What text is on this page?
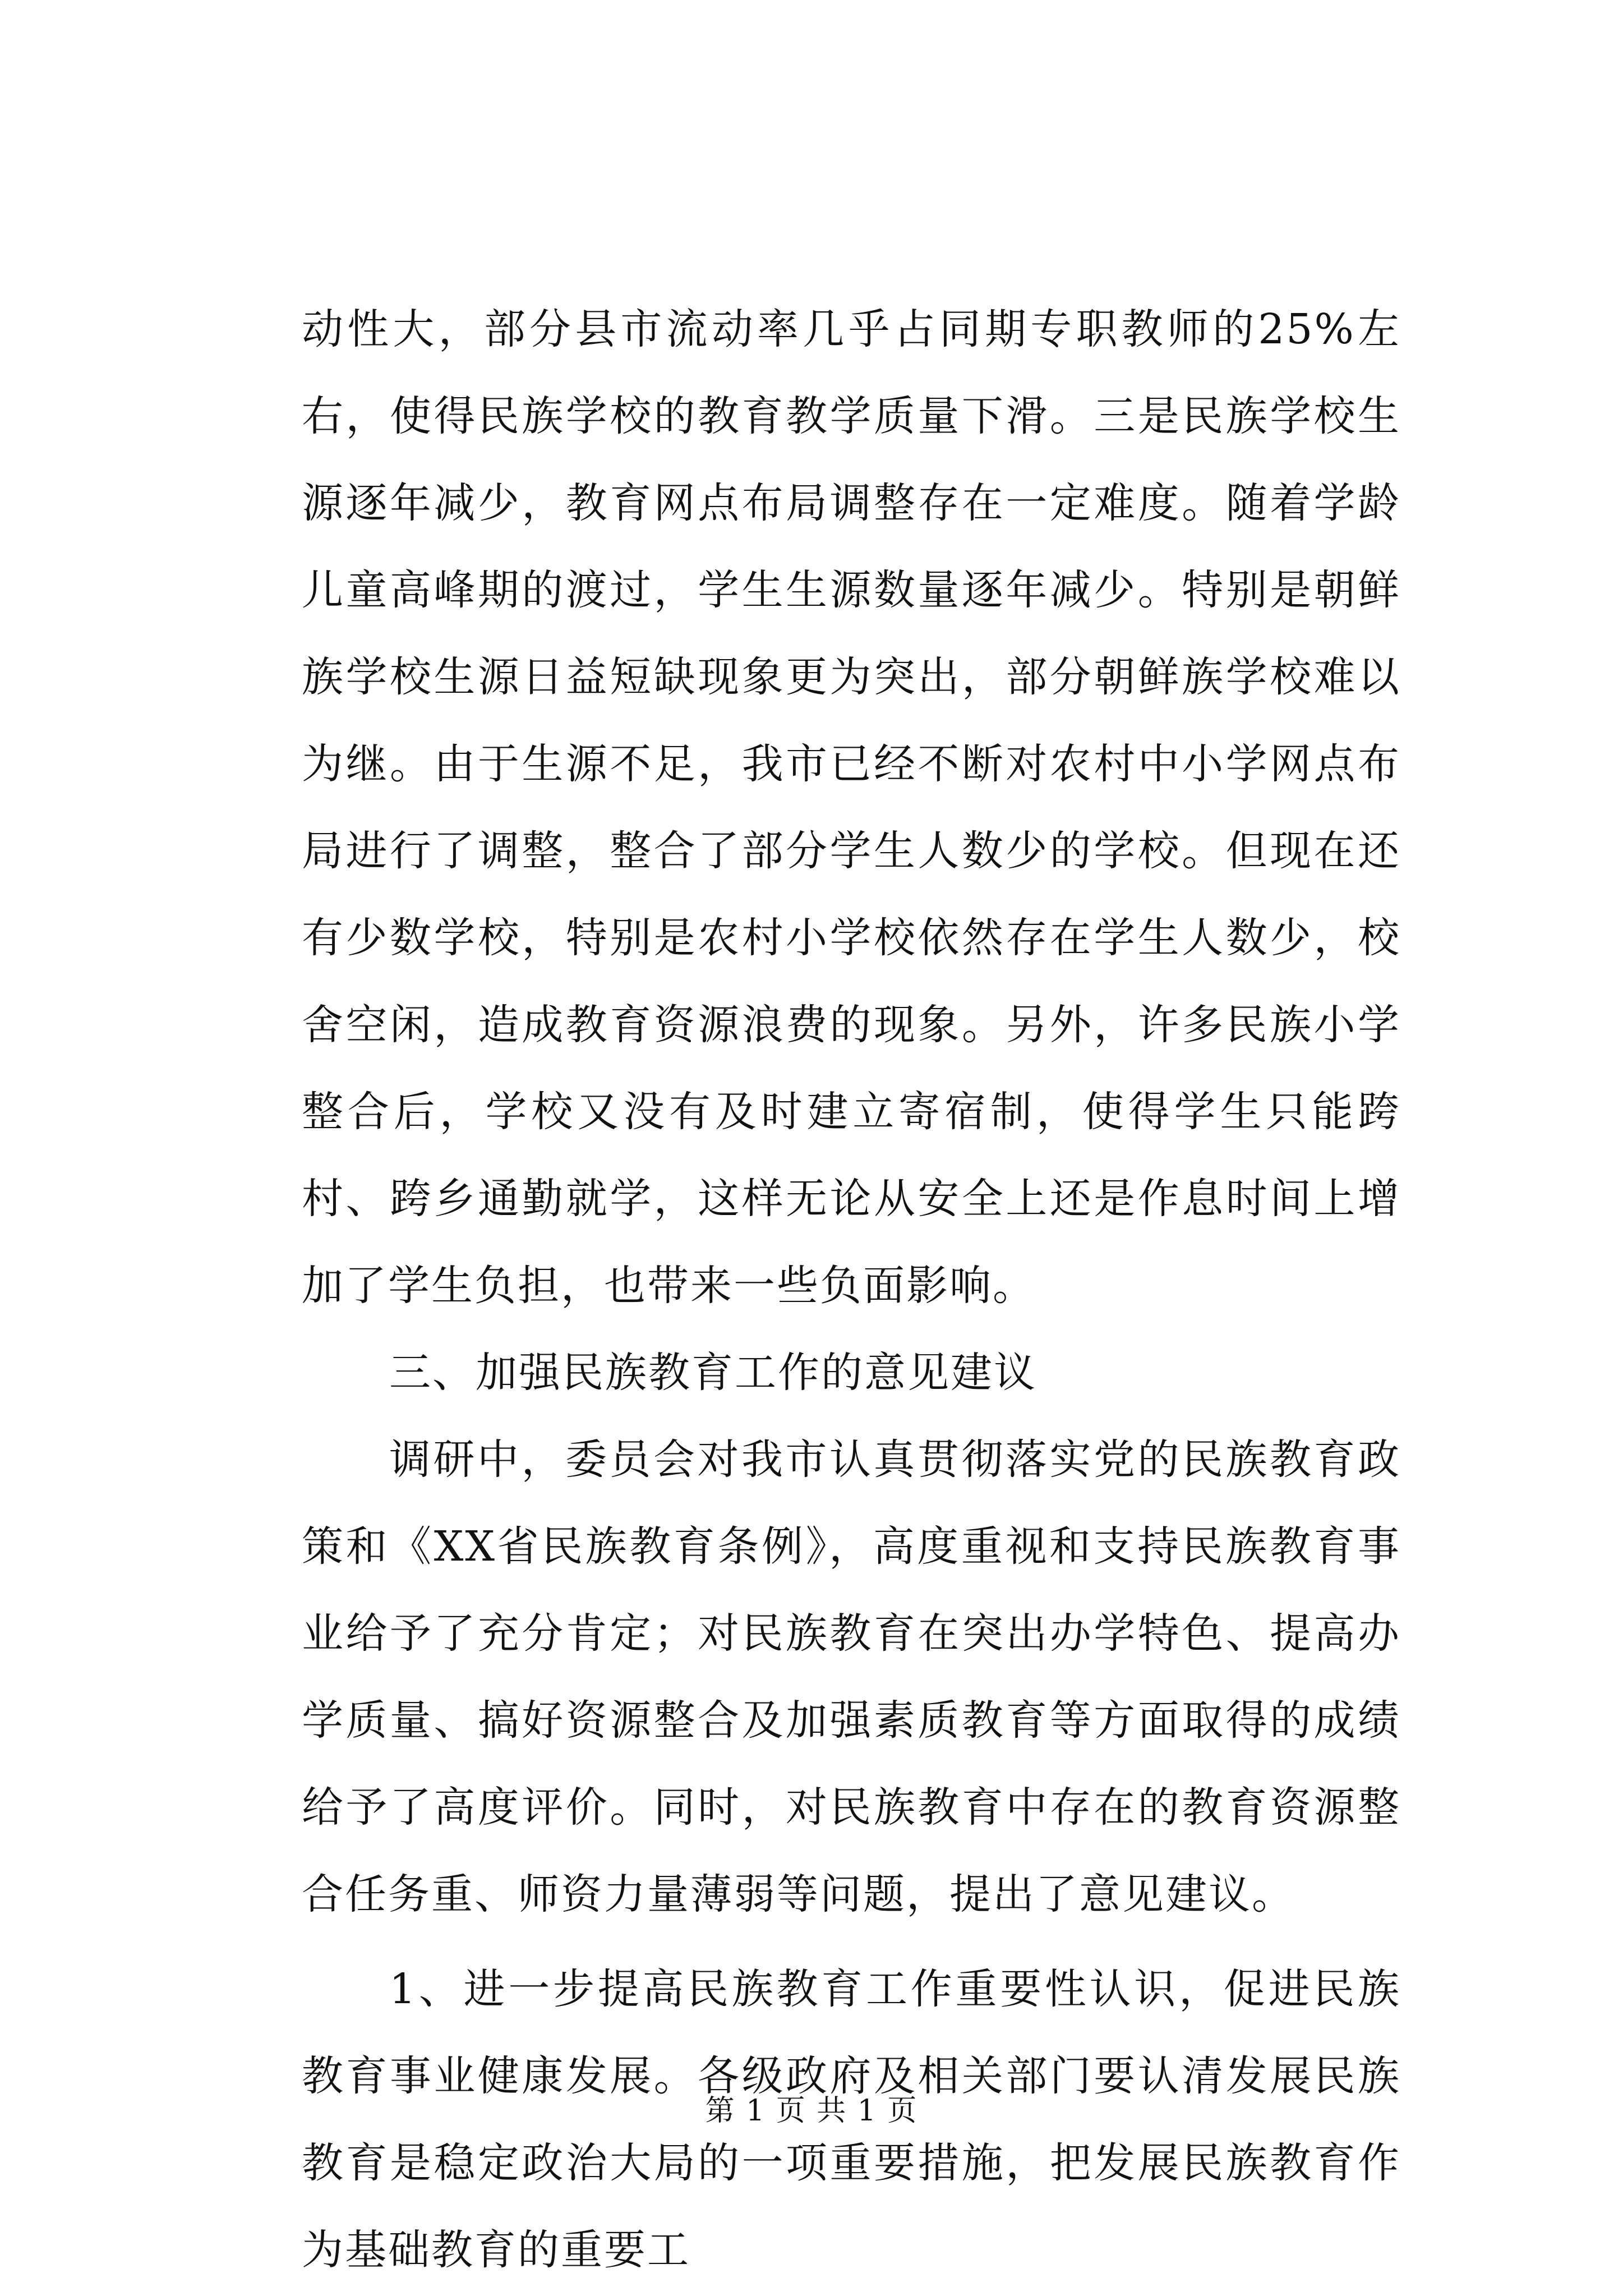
动性大，部分县市流动率几乎占同期专职教师的25%左右，使得民族学校的教育教学质量下滑。三是民族学校生源逐年减少，教育网点布局调整存在一定难度。随着学龄儿童高峰期的渡过，学生生源数量逐年减少。特别是朝鲜族学校生源日益短缺现象更为突出，部分朝鲜族学校难以为继。由于生源不足，我市已经不断对农村中小学网点布局进行了调整，整合了部分学生人数少的学校。但现在还有少数学校，特别是农村小学校依然存在学生人数少，校舍空闲，造成教育资源浪费的现象。另外，许多民族小学整合后，学校又没有及时建立寄宿制，使得学生只能跨村、跨乡通勤就学，这样无论从安全上还是作息时间上增加了学生负担，也带来一些负面影响。

三、加强民族教育工作的意见建议

调研中，委员会对我市认真贯彻落实党的民族教育政策和《XX省民族教育条例》，高度重视和支持民族教育事业给予了充分肯定；对民族教育在突出办学特色、提高办学质量、搞好资源整合及加强素质教育等方面取得的成绩给予了高度评价。同时，对民族教育中存在的教育资源整合任务重、师资力量薄弱等问题，提出了意见建议。

1、进一步提高民族教育工作重要性认识，促进民族教育事业健康发展。各级政府及相关部门要认清发展民族教育是稳定政治大局的一项重要措施，把发展民族教育作为基础教育的重要工

第 1 页 共 1 页
